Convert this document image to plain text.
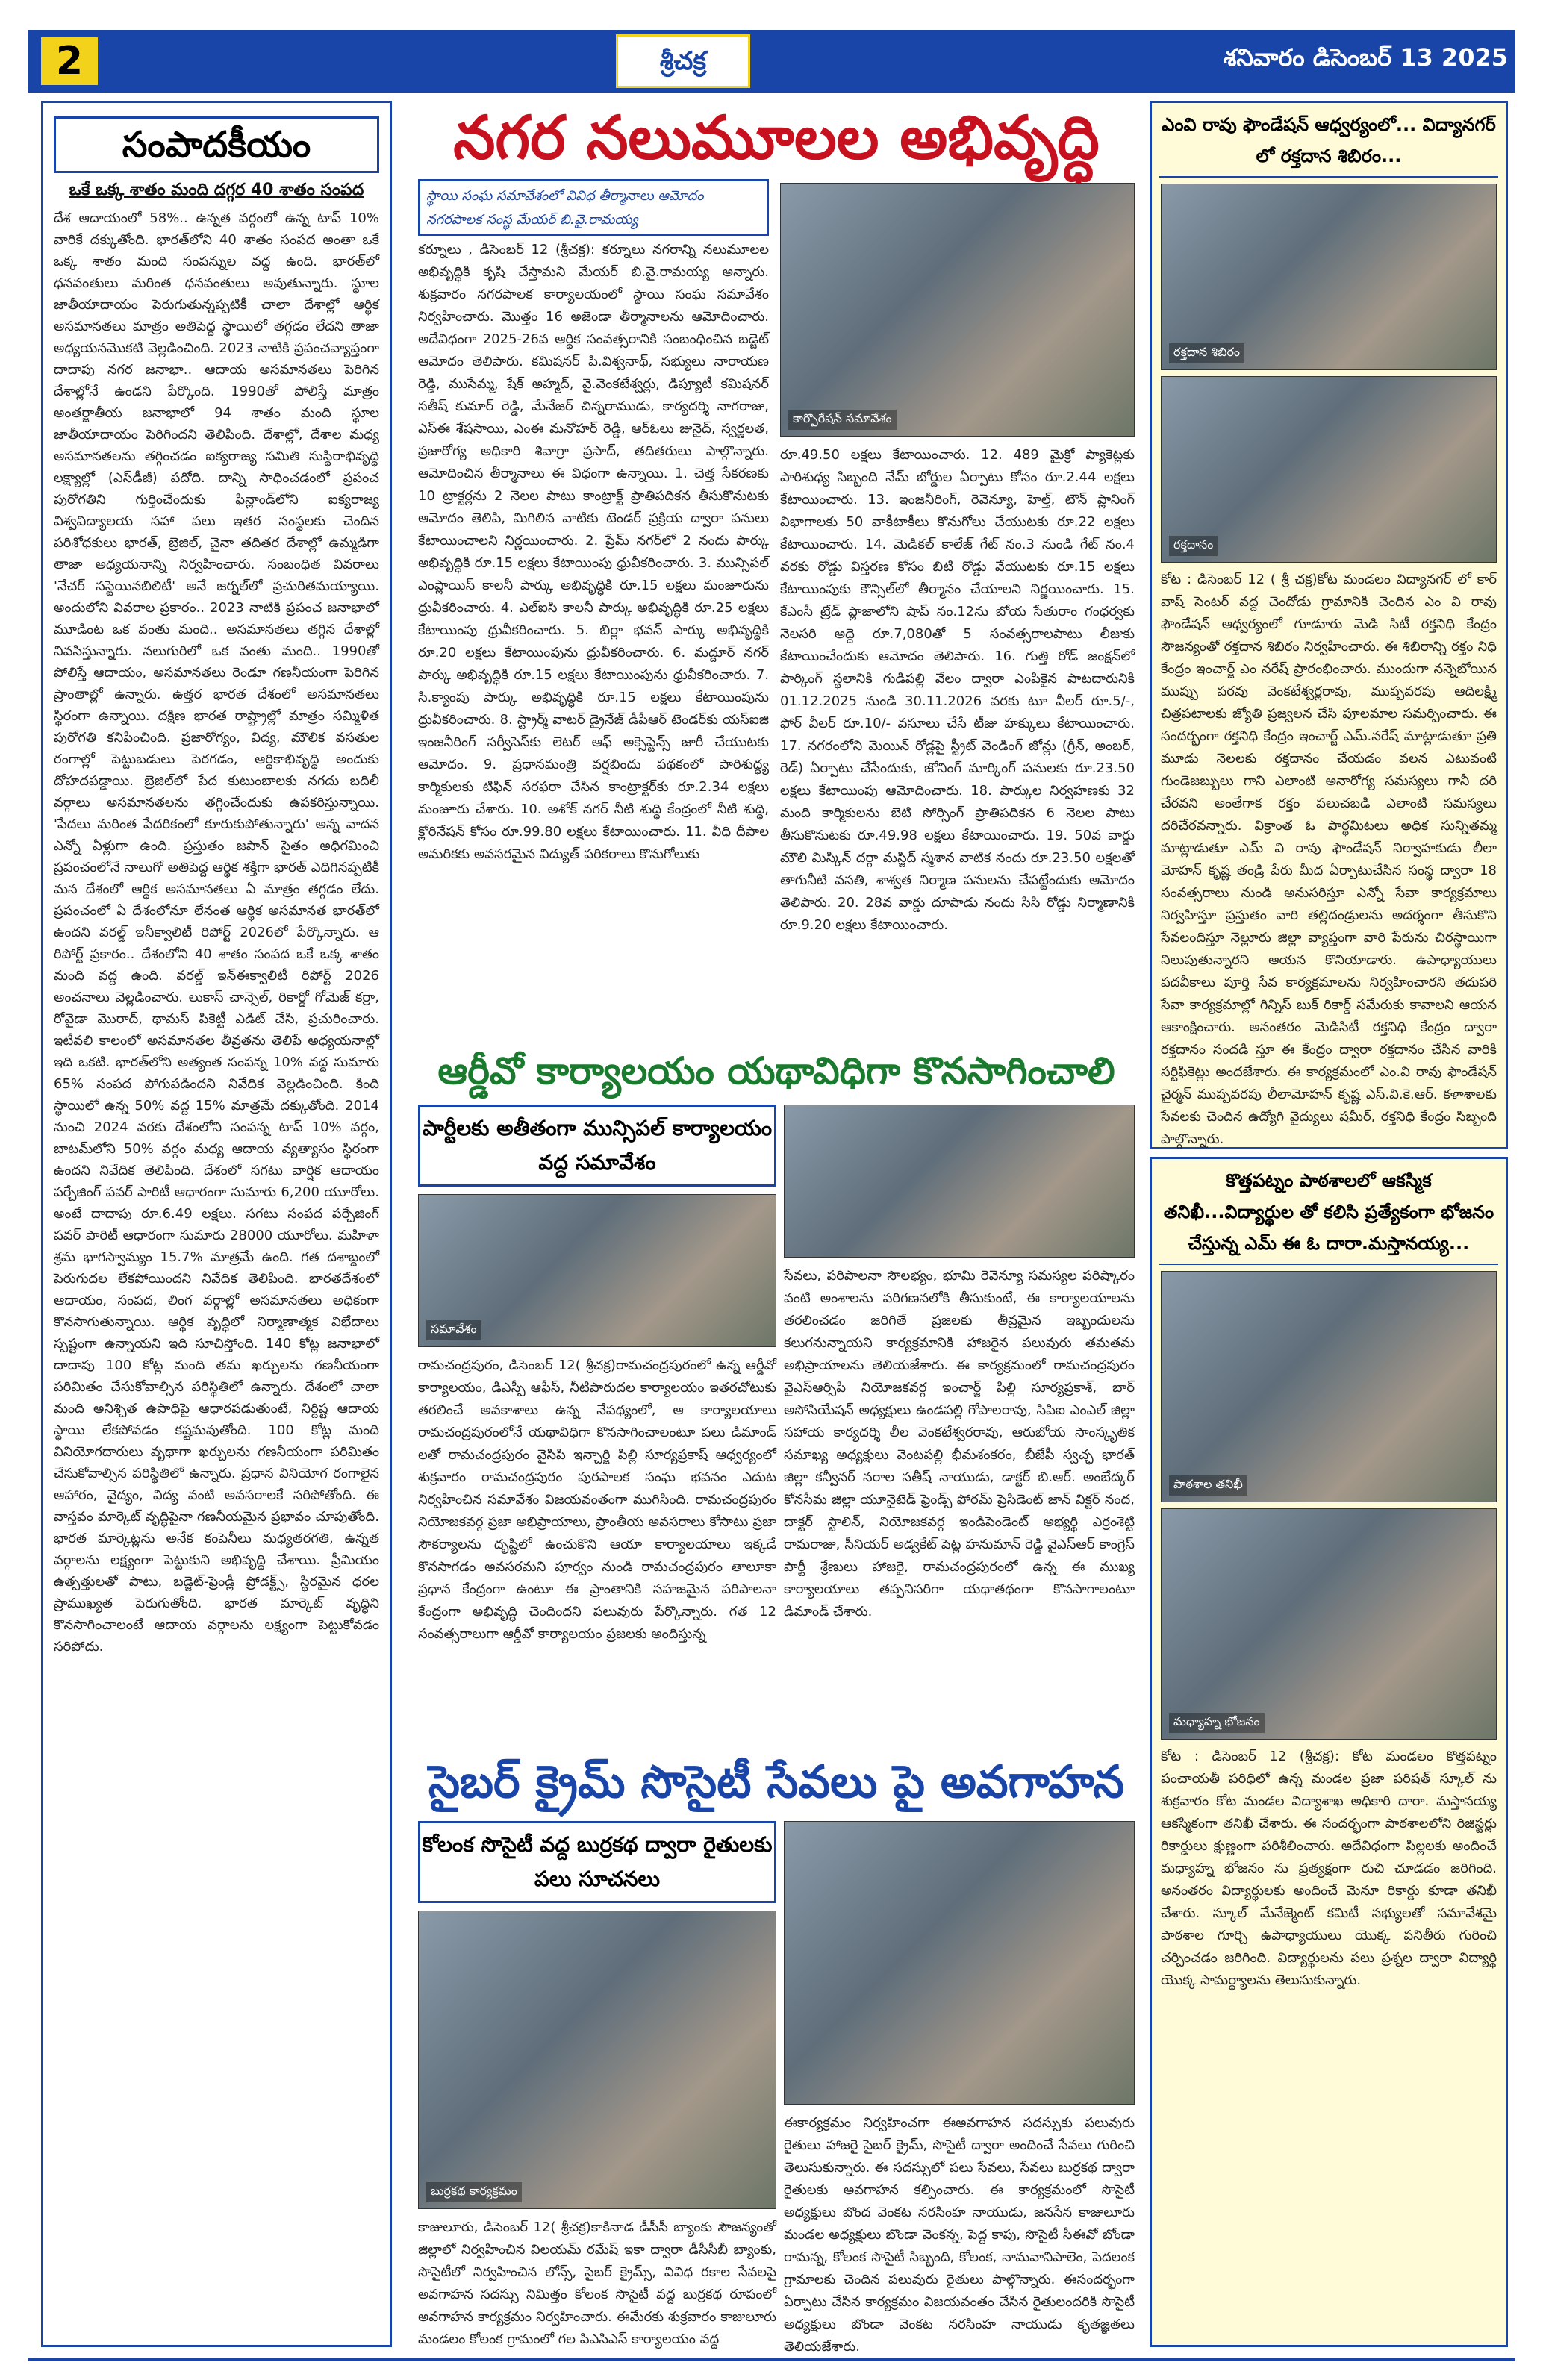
2	శ్రీచక్ర	శనివారం డిసెంబర్ 13 2025
సంపాదకీయం
ఒకే ఒక్క శాతం మంది దగ్గర 40 శాతం సంపద
దేశ ఆదాయంలో 58%.. ఉన్నత వర్గంలో ఉన్న టాప్ 10% వారికే దక్కుతోంది. భారత్‌లోని 40 శాతం సంపద అంతా ఒకే ఒక్క శాతం మంది సంపన్నుల వద్ద ఉంది. భారత్‌లో ధనవంతులు మరింత ధనవంతులు అవుతున్నారు. స్థూల జాతీయాదాయం పెరుగుతున్నప్పటికీ చాలా దేశాల్లో ఆర్థిక అసమానతలు మాత్రం అతిపెద్ద స్థాయిలో తగ్గడం లేదని తాజా అధ్యయనమొకటి వెల్లడించింది. 2023 నాటికి ప్రపంచవ్యాప్తంగా దాదాపు నగర జనాభా.. ఆదాయ అసమానతలు పెరిగిన దేశాల్లోనే ఉండని పేర్కొంది. 1990తో పోలిస్తే మాత్రం అంతర్జాతీయ జనాభాలో 94 శాతం మంది స్థూల జాతీయాదాయం పెరిగిందని తెలిపింది. దేశాల్లో, దేశాల మధ్య అసమానతలను తగ్గించడం ఐక్యరాజ్య సమితి సుస్థిరాభివృద్ధి లక్ష్యాల్లో (ఎస్‌డీజీ) పదోది. దాన్ని సాధించడంలో ప్రపంచ పురోగతిని గుర్తించేందుకు ఫిన్లాండ్‌లోని ఐక్యరాజ్య విశ్వవిద్యాలయ సహా పలు ఇతర సంస్థలకు చెందిన పరిశోధకులు భారత్, బ్రెజిల్, చైనా తదితర దేశాల్లో ఉమ్మడిగా తాజా అధ్యయనాన్ని నిర్వహించారు. సంబంధిత వివరాలు 'నేచర్ సస్టెయినబిలిటీ' అనే జర్నల్‌లో ప్రచురితమయ్యాయి. అందులోని వివరాల ప్రకారం.. 2023 నాటికి ప్రపంచ జనాభాలో మూడింట ఒక వంతు మంది.. అసమానతలు తగ్గిన దేశాల్లో నివసిస్తున్నారు. నలుగురిలో ఒక వంతు మంది.. 1990తో పోలిస్తే ఆదాయం, అసమానతలు రెండూ గణనీయంగా పెరిగిన ప్రాంతాల్లో ఉన్నారు. ఉత్తర భారత దేశంలో అసమానతలు స్థిరంగా ఉన్నాయి. దక్షిణ భారత రాష్ట్రాల్లో మాత్రం సమ్మిళిత పురోగతి కనిపించింది. ప్రజారోగ్యం, విద్య, మౌలిక వసతుల రంగాల్లో పెట్టుబడులు పెరగడం, ఆర్థికాభివృద్ధి అందుకు దోహదపడ్డాయి. బ్రెజిల్‌లో పేద కుటుంబాలకు నగదు బదిలీ వర్గాలు అసమానతలను తగ్గించేందుకు ఉపకరిస్తున్నాయి. 'పేదలు మరింత పేదరికంలో కూరుకుపోతున్నారు' అన్న వాదన ఎన్నో ఏళ్లుగా ఉంది. ప్రస్తుతం జపాన్ సైతం అధిగమించి ప్రపంచంలోనే నాలుగో అతిపెద్ద ఆర్థిక శక్తిగా భారత్ ఎదిగినప్పటికీ మన దేశంలో ఆర్థిక అసమానతలు ఏ మాత్రం తగ్గడం లేదు. ప్రపంచంలో ఏ దేశంలోనూ లేనంత ఆర్థిక అసమానత భారత్‌లో ఉందని వరల్డ్ ఇనీక్వాలిటీ రిపోర్ట్ 2026లో పేర్కొన్నారు. ఆ రిపోర్ట్ ప్రకారం.. దేశంలోని 40 శాతం సంపద ఒకే ఒక్క శాతం మంది వద్ద ఉంది. వరల్డ్ ఇన్‌ఈక్వాలిటీ రిపోర్ట్ 2026 అంచనాలు వెల్లడించారు. లుకాస్ చాన్సెల్, రికార్డో గోమెజ్ కర్రా, రోవైడా మొరాద్, థామస్ పికెట్టీ ఎడిట్ చేసి, ప్రచురించారు. ఇటీవలి కాలంలో అసమానతల తీవ్రతను తెలిపే అధ్యయనాల్లో ఇది ఒకటి. భారత్‌లోని అత్యంత సంపన్న 10% వద్ద సుమారు 65% సంపద పోగుపడిందని నివేదిక వెల్లడించింది. కింది స్థాయిలో ఉన్న 50% వద్ద 15% మాత్రమే దక్కుతోంది. 2014 నుంచి 2024 వరకు దేశంలోని సంపన్న టాప్ 10% వర్గం, బాటమ్‌లోని 50% వర్గం మధ్య ఆదాయ వ్యత్యాసం స్థిరంగా ఉందని నివేదిక తెలిపింది. దేశంలో సగటు వార్షిక ఆదాయం పర్చేజింగ్ పవర్ పారిటీ ఆధారంగా సుమారు 6,200 యూరోలు. అంటే దాదాపు రూ.6.49 లక్షలు. సగటు సంపద పర్చేజింగ్ పవర్ పారిటీ ఆధారంగా సుమారు 28000 యూరోలు. మహిళా శ్రమ భాగస్వామ్యం 15.7% మాత్రమే ఉంది. గత దశాబ్దంలో పెరుగుదల లేకపోయిందని నివేదిక తెలిపింది. భారతదేశంలో ఆదాయం, సంపద, లింగ వర్గాల్లో అసమానతలు అధికంగా కొనసాగుతున్నాయి. ఆర్థిక వృద్ధిలో నిర్మాణాత్మక విభేదాలు స్పష్టంగా ఉన్నాయని ఇది సూచిస్తోంది. 140 కోట్ల జనాభాలో దాదాపు 100 కోట్ల మంది తమ ఖర్చులను గణనీయంగా పరిమితం చేసుకోవాల్సిన పరిస్థితిలో ఉన్నారు. దేశంలో చాలా మంది అనిశ్చిత ఉపాధిపై ఆధారపడుతుంటే, నిర్దిష్ట ఆదాయ స్థాయి లేకపోవడం కష్టమవుతోంది. 100 కోట్ల మంది వినియోగదారులు వృథాగా ఖర్చులను గణనీయంగా పరిమితం చేసుకోవాల్సిన పరిస్థితిలో ఉన్నారు. ప్రధాన వినియోగ రంగాలైన ఆహారం, వైద్యం, విద్య వంటి అవసరాలకే సరిపోతోంది. ఈ వాస్తవం మార్కెట్ వృద్ధిపైనా గణనీయమైన ప్రభావం చూపుతోంది. భారత మార్కెట్లను అనేక కంపెనీలు మధ్యతరగతి, ఉన్నత వర్గాలను లక్ష్యంగా పెట్టుకుని అభివృద్ధి చేశాయి. ప్రీమియం ఉత్పత్తులతో పాటు, బడ్జెట్-ఫ్రెండ్లీ ప్రోడక్ట్స్, స్థిరమైన ధరల ప్రాముఖ్యత పెరుగుతోంది. భారత మార్కెట్ వృద్ధిని కొనసాగించాలంటే ఆదాయ వర్గాలను లక్ష్యంగా పెట్టుకోవడం సరిపోదు.
నగర నలుమూలల అభివృద్ధి
స్థాయి సంఘ సమావేశంలో వివిధ తీర్మానాలు ఆమోదం నగరపాలక సంస్థ మేయర్ బి.వై.రామయ్య
కర్నూలు , డిసెంబర్ 12 (శ్రీచక్ర): కర్నూలు నగరాన్ని నలుమూలల అభివృద్ధికి కృషి చేస్తామని మేయర్ బి.వై.రామయ్య అన్నారు. శుక్రవారం నగరపాలక కార్యాలయంలో స్థాయి సంఘ సమావేశం నిర్వహించారు. మొత్తం 16 అజెండా తీర్మానాలను ఆమోదించారు. అదేవిధంగా 2025-26వ ఆర్థిక సంవత్సరానికి సంబంధించిన బడ్జెట్ ఆమోదం తెలిపారు. కమిషనర్ పి.విశ్వనాథ్, సభ్యులు నారాయణ రెడ్డి, ముసేమ్మ, షేక్ అహ్మద్, వై.వెంకటేశ్వర్లు, డిప్యూటీ కమిషనర్ సతీష్ కుమార్ రెడ్డి, మేనేజర్ చిన్నరాముడు, కార్యదర్శి నాగరాజు, ఎస్‌ఈ శేషసాయి, ఎంఈ మనోహర్ రెడ్డి, ఆర్‌ఓలు జునైద్, స్వర్ణలత, ప్రజారోగ్య అధికారి శివాగ్రా ప్రసాద్, తదితరులు పాల్గొన్నారు. ఆమోదించిన తీర్మానాలు ఈ విధంగా ఉన్నాయి. 1. చెత్త సేకరణకు 10 ట్రాక్టర్లను 2 నెలల పాటు కాంట్రాక్ట్ ప్రాతిపదికన తీసుకొనుటకు ఆమోదం తెలిపి, మిగిలిన వాటికు టెండర్ ప్రక్రియ ద్వారా పనులు కేటాయించాలని నిర్ణయించారు. 2. ప్రేమ్ నగర్‌లో 2 నందు పార్కు అభివృద్ధికి రూ.15 లక్షలు కేటాయింపు ధ్రువీకరించారు. 3. మున్సిపల్ ఎంప్లాయిస్ కాలనీ పార్కు అభివృద్ధికి రూ.15 లక్షలు మంజూరును ధ్రువీకరించారు. 4. ఎల్ఐసి కాలనీ పార్కు అభివృద్ధికి రూ.25 లక్షలు కేటాయింపు ధ్రువీకరించారు. 5. బిర్లా భవన్ పార్కు అభివృద్ధికి రూ.20 లక్షలు కేటాయింపును ధ్రువీకరించారు. 6. మద్దూర్ నగర్ పార్కు అభివృద్ధికి రూ.15 లక్షలు కేటాయింపును ధ్రువీకరించారు. 7. సి.క్యాంపు పార్కు అభివృద్ధికి రూ.15 లక్షలు కేటాయింపును ధ్రువీకరించారు. 8. స్ట్రార్మ్ వాటర్ డ్రైనేజ్ డీపీఆర్ టెండర్‌కు యస్ఐజి ఇంజనీరింగ్ సర్వీసెస్‌కు లెటర్ ఆఫ్ అక్సెప్టెన్స్ జారీ చేయుటకు ఆమోదం. 9. ప్రధానమంత్రి వర్షబిందు పథకంలో పారిశుద్ధ్య కార్మికులకు టిఫిన్ సరఫరా చేసిన కాంట్రాక్టర్‌కు రూ.2.34 లక్షలు మంజూరు చేశారు. 10. అశోక్ నగర్ నీటి శుద్ధి కేంద్రంలో నీటి శుద్ధి, క్లోరినేషన్ కోసం రూ.99.80 లక్షలు కేటాయించారు. 11. వీధి దీపాల అమరికకు అవసరమైన విద్యుత్ పరికరాలు కొనుగోలుకు
కార్పొరేషన్ సమావేశం
రూ.49.50 లక్షలు కేటాయించారు. 12. 489 మైక్రో ప్యాకెట్లకు పారిశుధ్య సిబ్బంది నేమ్ బోర్డుల ఏర్పాటు కోసం రూ.2.44 లక్షలు కేటాయించారు. 13. ఇంజనీరింగ్, రెవెన్యూ, హెల్త్, టౌన్ ప్లానింగ్ విభాగాలకు 50 వాకీటాకీలు కొనుగోలు చేయుటకు రూ.22 లక్షలు కేటాయించారు. 14. మెడికల్ కాలేజ్ గేట్ నం.3 నుండి గేట్ నం.4 వరకు రోడ్డు విస్తరణ కోసం బిటి రోడ్డు వేయుటకు రూ.15 లక్షలు కేటాయింపుకు కౌన్సిల్‌లో తీర్మానం చేయాలని నిర్ణయించారు. 15. కేఎంసీ ట్రేడ్ ప్లాజాలోని షాప్ నం.12ను బోయ సేతురాం గంధర్వకు నెలసరి అద్దె రూ.7,080తో 5 సంవత్సరాలపాటు లీజుకు కేటాయించేందుకు ఆమోదం తెలిపారు. 16. గుత్తి రోడ్ జంక్షన్‌లో పార్కింగ్ స్థలానికి గుడిపల్లి వేలం ద్వారా ఎంపికైన పాటదారునికి 01.12.2025 నుండి 30.11.2026 వరకు టూ వీలర్ రూ.5/-, ఫోర్ వీలర్ రూ.10/- వసూలు చేసే టీజు హక్కులు కేటాయించారు. 17. నగరంలోని మెయిన్ రోడ్లపై స్ట్రీట్ వెండింగ్ జోన్లు (గ్రీన్, అంబర్, రెడ్) ఏర్పాటు చేసేందుకు, జోనింగ్ మార్కింగ్ పనులకు రూ.23.50 లక్షలు కేటాయింపు ఆమోదించారు. 18. పార్కుల నిర్వహణకు 32 మంది కార్మికులను బెటి సోర్సింగ్ ప్రాతిపదికన 6 నెలల పాటు తీసుకొనుటకు రూ.49.98 లక్షలు కేటాయించారు. 19. 50వ వార్డు మౌలి మిస్కిన్ దర్గా మస్జిద్ స్మశాన వాటిక నందు రూ.23.50 లక్షలతో తాగునీటి వసతి, శాశ్వత నిర్మాణ పనులను చేపట్టేందుకు ఆమోదం తెలిపారు. 20. 28వ వార్డు దూపాడు నందు సిసి రోడ్డు నిర్మాణానికి రూ.9.20 లక్షలు కేటాయించారు.
ఆర్డీవో కార్యాలయం యథావిధిగా కొనసాగించాలి
పార్టీలకు అతీతంగా మున్సిపల్ కార్యాలయం వద్ద సమావేశం
సమావేశం
రామచంద్రపురం, డిసెంబర్ 12( శ్రీచక్ర)రామచంద్రపురంలో ఉన్న ఆర్డీవో కార్యాలయం, డిఎస్పీ ఆఫీస్, నీటిపారుదల కార్యాలయం ఇతరచోటుకు తరలించే అవకాశాలు ఉన్న నేపథ్యంలో, ఆ కార్యాలయాలు రామచంద్రపురంలోనే యథావిధిగా కొనసాగించాలంటూ పలు డిమాండ్ లతో రామచంద్రపురం వైసిపి ఇన్చార్జి పిల్లి సూర్యప్రకాష్ ఆధ్వర్యంలో శుక్రవారం రామచంద్రపురం పురపాలక సంఘ భవనం ఎదుట నిర్వహించిన సమావేశం విజయవంతంగా ముగిసింది. రామచంద్రపురం నియోజకవర్గ ప్రజా అభిప్రాయాలు, ప్రాంతీయ అవసరాలు కోసాటు ప్రజా సౌకర్యాలను దృష్టిలో ఉంచుకొని ఆయా కార్యాలయాలు ఇక్కడే కొనసాగడం అవసరమని పూర్వం నుండి రామచంద్రపురం తాలూకా ప్రధాన కేంద్రంగా ఉంటూ ఈ ప్రాంతానికి సహజమైన పరిపాలనా కేంద్రంగా అభివృద్ధి చెందిందని పలువురు పేర్కొన్నారు. గత 12 సంవత్సరాలుగా ఆర్డీవో కార్యాలయం ప్రజలకు అందిస్తున్న
సేవలు, పరిపాలనా సౌలభ్యం, భూమి రెవెన్యూ సమస్యల పరిష్కారం వంటి అంశాలను పరిగణనలోకి తీసుకుంటే, ఈ కార్యాలయాలను తరలించడం జరిగితే ప్రజలకు తీవ్రమైన ఇబ్బందులను కలుగనున్నాయని కార్యక్రమానికి హాజరైన పలువురు తమతమ అభిప్రాయాలను తెలియజేశారు. ఈ కార్యక్రమంలో రామచంద్రపురం వైఎస్ఆర్సిపి నియోజకవర్గ ఇంచార్జ్ పిల్లి సూర్యప్రకాశ్, బార్ అసోసియేషన్ అధ్యక్షులు ఉండపల్లి గోపాలరావు, సిపిఐ ఎంఎల్ జిల్లా సహాయ కార్యదర్శి లీల వెంకటేశ్వరరావు, ఆరుబోయ సాంస్కృతిక సమాఖ్య అధ్యక్షులు వెంటపల్లి భీమశంకరం, బీజేపీ స్వచ్ఛ భారత్ జిల్లా కన్వీనర్ నరాల సతీష్ నాయుడు, డాక్టర్ బి.ఆర్. అంబేద్కర్ కోనసీమ జిల్లా యూనైటెడ్ ఫ్రెండ్స్ ఫోరమ్ ప్రెసిడెంట్ జాన్ విక్టర్ నంద, దాక్టర్ స్టాలిన్, నియోజకవర్గ ఇండిపెండెంట్ అభ్యర్థి ఎర్రంశెట్టి రామరాజు, సీనియర్ అడ్వకేట్ పెట్ల హనుమాన్ రెడ్డి వైఎస్ఆర్ కాంగ్రెస్ పార్టీ శ్రేణులు హాజరై, రామచంద్రపురంలో ఉన్న ఈ ముఖ్య కార్యాలయాలు తప్పనిసరిగా యథాతథంగా కొనసాగాలంటూ డిమాండ్ చేశారు.
సైబర్ క్రైమ్ సొసైటీ సేవలు పై అవగాహన
కోలంక సొసైటీ వద్ద బుర్రకథ ద్వారా రైతులకు పలు సూచనలు
బుర్రకథ కార్యక్రమం
కాజులూరు, డిసెంబర్ 12( శ్రీచక్ర)కాకినాడ డీసీసీ బ్యాంకు సౌజన్యంతో జిల్లాలో నిర్వహించిన విలయమ్ రమేష్ ఇకా ద్వారా డీసీసీబీ బ్యాంకు, సొసైటీలో నిర్వహించిన లోన్స్, సైబర్ క్రైమ్స్, వివిధ రకాల సేవలపై అవగాహన సదస్సు నిమిత్తం కోలంక సొసైటీ వద్ద బుర్రకథ రూపంలో అవగాహన కార్యక్రమం నిర్వహించారు. ఈమేరకు శుక్రవారం కాజులూరు మండలం కోలంక గ్రామంలో గల పిఎసిఎస్ కార్యాలయం వద్ద
ఈకార్యక్రమం నిర్వహించగా ఈఅవగాహన సదస్సుకు పలువురు రైతులు హాజరై సైబర్ క్రైమ్, సొసైటీ ద్వారా అందించే సేవలు గురించి తెలుసుకున్నారు. ఈ సదస్సులో పలు సేవలు, సేవలు బుర్రకథ ద్వారా రైతులకు అవగాహన కల్పించారు. ఈ కార్యక్రమంలో సొసైటీ అధ్యక్షులు బొంద వెంకట నరసింహ నాయుడు, జనసేన కాజులూరు మండల అధ్యక్షులు బొండా వెంకన్న, పెద్ద కాపు, సొసైటీ సీఈవో బోండా రామన్న, కోలంక సొసైటీ సిబ్బంది, కోలంక, నామవానిపాలెం, పెదలంక గ్రామాలకు చెందిన పలువురు రైతులు పాల్గొన్నారు. ఈసందర్భంగా ఏర్పాటు చేసిన కార్యక్రమం విజయవంతం చేసిన రైతులందరికి సొసైటీ అధ్యక్షులు బొండా వెంకట నరసింహ నాయుడు కృతజ్ఞతలు తెలియజేశారు.
ఎంవి రావు ఫౌండేషన్ ఆధ్వర్యంలో... విద్యానగర్ లో రక్తదాన శిబిరం...
రక్తదాన శిబిరం
రక్తదానం
కోట : డిసెంబర్ 12 ( శ్రీ చక్ర)కోట మండలం విద్యానగర్ లో కార్ వాష్ సెంటర్ వద్ద చెందోడు గ్రామానికి చెందిన ఎం వి రావు ఫౌండేషన్ ఆధ్వర్యంలో గూడూరు మెడి సిటీ రక్తనిధి కేంద్రం సౌజన్యంతో రక్తదాన శిబిరం నిర్వహించారు. ఈ శిబిరాన్ని రక్తం నిధి కేంద్రం ఇంచార్జ్ ఎం నరేష్ ప్రారంభించారు. ముందుగా నన్నెబోయిన ముప్పు పరవు వెంకటేశ్వర్లరావు, ముప్పవరపు ఆదిలక్ష్మి చిత్రపటాలకు జ్యోతి ప్రజ్వలన చేసి పూలమాల సమర్పించారు. ఈ సందర్భంగా రక్తనిధి కేంద్రం ఇంచార్జ్ ఎమ్.నరేష్ మాట్లాడుతూ ప్రతి మూడు నెలలకు రక్తదానం చేయడం వలన ఎటువంటి గుండెజబ్బులు గాని ఎలాంటి అనారోగ్య సమస్యలు గానీ దరి చేరవని అంతేగాక రక్తం పలుచబడి ఎలాంటి సమస్యలు దరిచేరవన్నారు. విక్రాంత ఓ పార్థమిటలు అధిక సున్నితమ్మ మాట్లాడుతూ ఎమ్ వి రావు ఫౌండేషన్ నిర్వాహకుడు లీలా మోహన్ కృష్ణ తండ్రి పేరు మీద ఏర్పాటుచేసిన సంస్థ ద్వారా 18 సంవత్సరాలు నుండి అనుసరిస్తూ ఎన్నో సేవా కార్యక్రమాలు నిర్వహిస్తూ ప్రస్తుతం వారి తల్లిదండ్రులను అదర్శంగా తీసుకొని సేవలందిస్తూ నెల్లూరు జిల్లా వ్యాప్తంగా వారి పేరును చిరస్థాయిగా నిలుపుతున్నారని ఆయన కొనియాడారు. ఉపాధ్యాయులు పదవీకాలు పూర్తి సేవ కార్యక్రమాలను నిర్వహించారని తదుపరి సేవా కార్యక్రమాల్లో గిన్నిస్ బుక్ రికార్డ్ సమేరుకు కావాలని ఆయన ఆకాంక్షించారు. అనంతరం మెడిసిటీ రక్తనిధి కేంద్రం ద్వారా రక్తదానం సందడి స్తూ ఈ కేంద్రం ద్వారా రక్తదానం చేసిన వారికి సర్టిఫికెట్లు అందజేశారు. ఈ కార్యక్రమంలో ఎం.వి రావు ఫౌండేషన్ చైర్మన్ ముప్పవరపు లీలామోహన్ కృష్ణ ఎస్.వి.కె.ఆర్. కళాశాలకు సేవలకు చెందిన ఉద్యోగి వైద్యులు షమీర్, రక్తనిధి కేంద్రం సిబ్బంది పాల్గొన్నారు.
కొత్తపట్నం పాఠశాలలో ఆకస్మిక తనిఖీ...విద్యార్థుల తో కలిసి ప్రత్యేకంగా భోజనం చేస్తున్న ఎమ్ ఈ ఓ దారా.మస్తానయ్య...
పాఠశాల తనిఖీ
మధ్యాహ్న భోజనం
కోట : డిసెంబర్ 12 (శ్రీచక్ర): కోట మండలం కొత్తపట్నం పంచాయతీ పరిధిలో ఉన్న మండల ప్రజా పరిషత్ స్కూల్ ను శుక్రవారం కోట మండల విద్యాశాఖ అధికారి దారా. మస్తానయ్య ఆకస్మికంగా తనిఖీ చేశారు. ఈ సందర్భంగా పాఠశాలలోని రిజిస్టర్లు రికార్డులు క్షుణ్ణంగా పరిశీలించారు. అదేవిధంగా పిల్లలకు అందించే మధ్యాహ్న భోజనం ను ప్రత్యక్షంగా రుచి చూడడం జరిగింది. అనంతరం విద్యార్థులకు అందించే మెనూ రికార్డు కూడా తనిఖీ చేశారు. స్కూల్ మేనేజ్మెంట్ కమిటీ సభ్యులతో సమావేశమై పాఠశాల గూర్చి ఉపాధ్యాయులు యొక్క పనితీరు గురించి చర్చించడం జరిగింది. విద్యార్థులను పలు ప్రశ్నల ద్వారా విద్యార్థి యొక్క సామర్థ్యాలను తెలుసుకున్నారు.
